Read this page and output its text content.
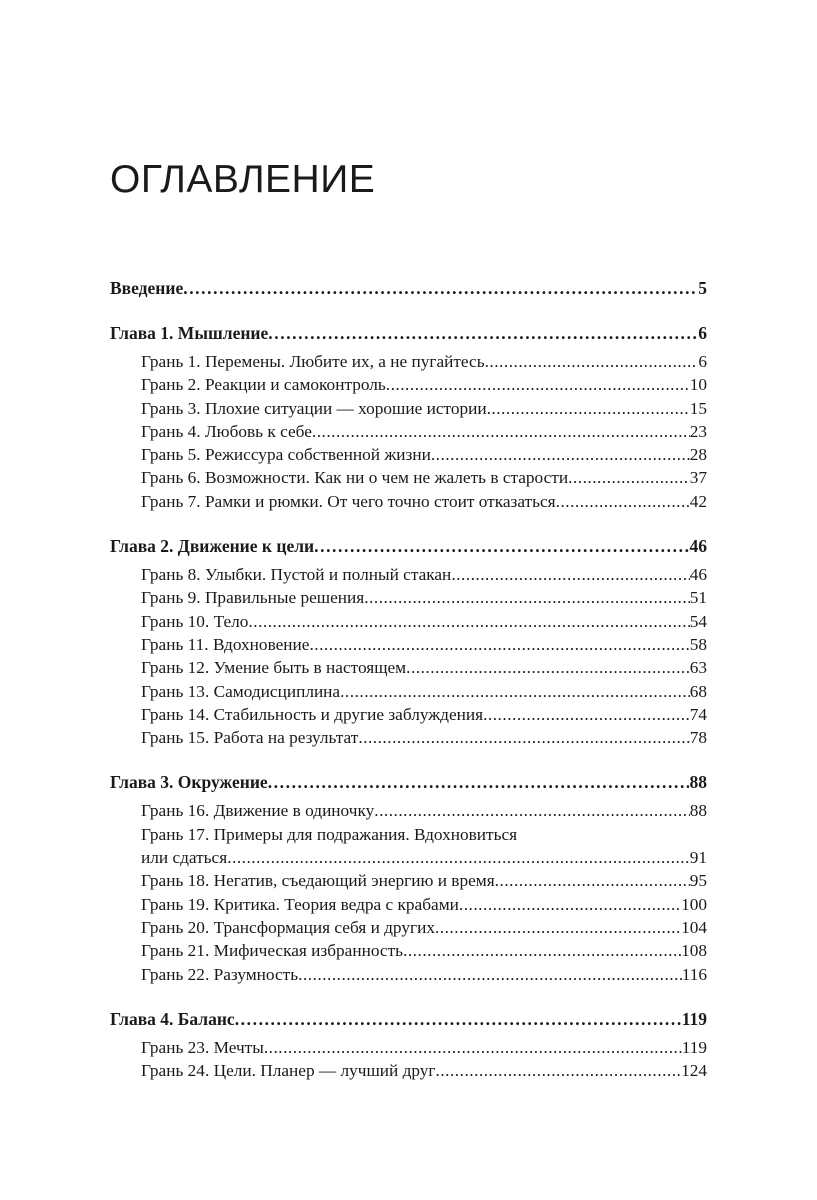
ОГЛАВЛЕНИЕ
Введение .....	5
Глава 1. Мышление .....	6
Грань 1. Перемены. Любите их, а не пугайтесь .....	6
Грань 2. Реакции и самоконтроль .....	10
Грань 3. Плохие ситуации — хорошие истории .....	15
Грань 4. Любовь к себе .....	23
Грань 5. Режиссура собственной жизни .....	28
Грань 6. Возможности. Как ни о чем не жалеть в старости .....	37
Грань 7. Рамки и рюмки. От чего точно стоит отказаться .....	42
Глава 2. Движение к цели .....	46
Грань 8. Улыбки. Пустой и полный стакан .....	46
Грань 9. Правильные решения .....	51
Грань 10. Тело .....	54
Грань 11. Вдохновение .....	58
Грань 12. Умение быть в настоящем .....	63
Грань 13. Самодисциплина .....	68
Грань 14. Стабильность и другие заблуждения .....	74
Грань 15. Работа на результат .....	78
Глава 3. Окружение .....	88
Грань 16. Движение в одиночку .....	88
Грань 17. Примеры для подражания. Вдохновиться
или сдаться .....	91
Грань 18. Негатив, съедающий энергию и время .....	95
Грань 19. Критика. Теория ведра с крабами .....	100
Грань 20. Трансформация себя и других .....	104
Грань 21. Мифическая избранность .....	108
Грань 22. Разумность .....	116
Глава 4. Баланс .....	119
Грань 23. Мечты .....	119
Грань 24. Цели. Планер — лучший друг .....	124
